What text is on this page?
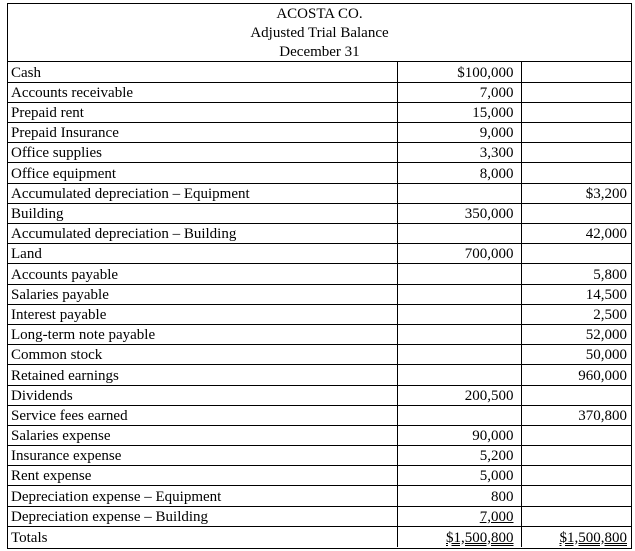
ACOSTA CO.
Adjusted Trial Balance
December 31
Cash	$100,000	
Accounts receivable	7,000	
Prepaid rent	15,000	
Prepaid Insurance	9,000	
Office supplies	3,300	
Office equipment	8,000	
Accumulated depreciation – Equipment		$3,200
Building	350,000	
Accumulated depreciation – Building		42,000
Land	700,000	
Accounts payable		5,800
Salaries payable		14,500
Interest payable		2,500
Long-term note payable		52,000
Common stock		50,000
Retained earnings		960,000
Dividends	200,500	
Service fees earned		370,800
Salaries expense	90,000	
Insurance expense	5,200	
Rent expense	5,000	
Depreciation expense – Equipment	800	
Depreciation expense – Building	7,000	
Totals	$1,500,800	$1,500,800
